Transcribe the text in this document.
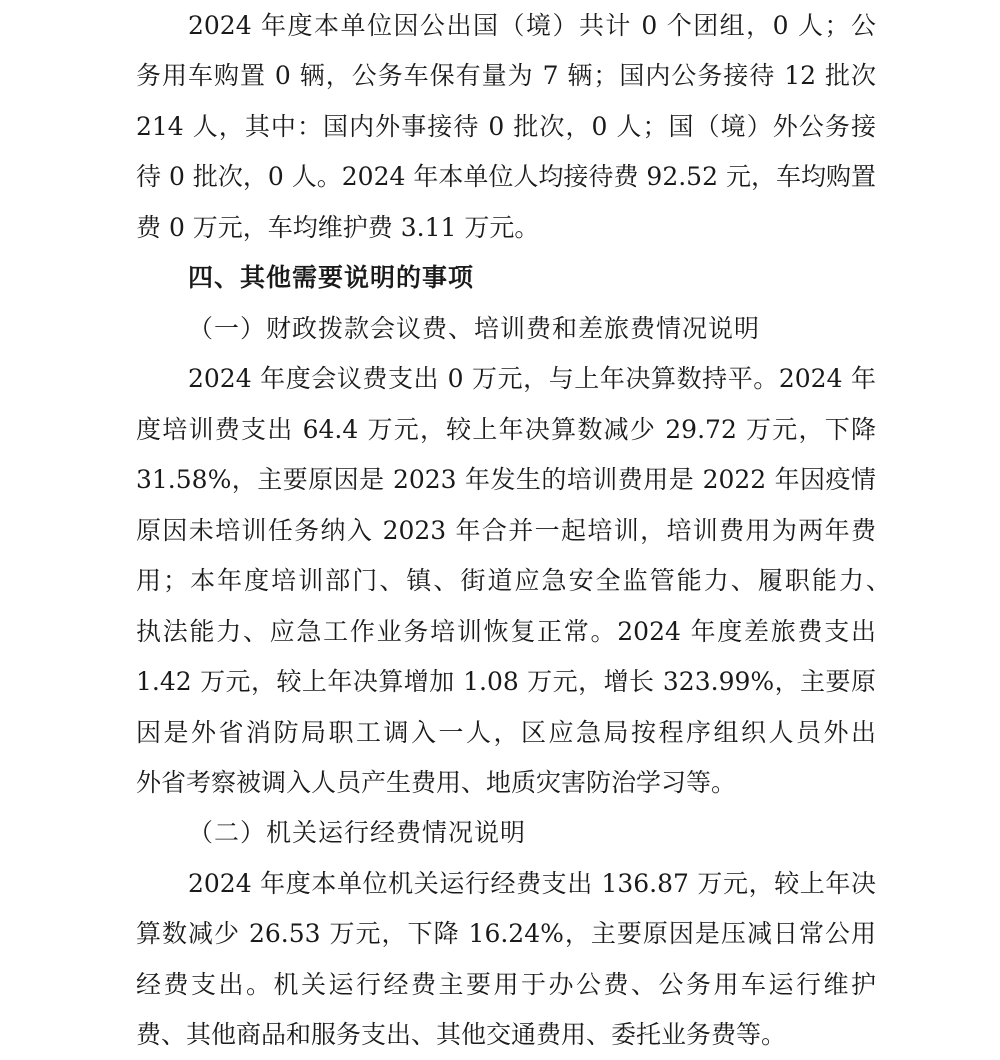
2024 年度本单位因公出国（境）共计 0 个团组，0 人；公
务用车购置 0 辆，公务车保有量为 7 辆；国内公务接待 12 批次
214 人，其中：国内外事接待 0 批次，0 人；国（境）外公务接
待 0 批次，0 人。2024 年本单位人均接待费 92.52 元，车均购置
费 0 万元，车均维护费 3.11 万元。
四、其他需要说明的事项
（一）财政拨款会议费、培训费和差旅费情况说明
2024 年度会议费支出 0 万元，与上年决算数持平。2024 年
度培训费支出 64.4 万元，较上年决算数减少 29.72 万元，下降
31.58%，主要原因是 2023 年发生的培训费用是 2022 年因疫情
原因未培训任务纳入 2023 年合并一起培训，培训费用为两年费
用；本年度培训部门、镇、街道应急安全监管能力、履职能力、
执法能力、应急工作业务培训恢复正常。2024 年度差旅费支出
1.42 万元，较上年决算增加 1.08 万元，增长 323.99%，主要原
因是外省消防局职工调入一人，区应急局按程序组织人员外出
外省考察被调入人员产生费用、地质灾害防治学习等。
（二）机关运行经费情况说明
2024 年度本单位机关运行经费支出 136.87 万元，较上年决
算数减少 26.53 万元，下降 16.24%，主要原因是压减日常公用
经费支出。机关运行经费主要用于办公费、公务用车运行维护
费、其他商品和服务支出、其他交通费用、委托业务费等。
